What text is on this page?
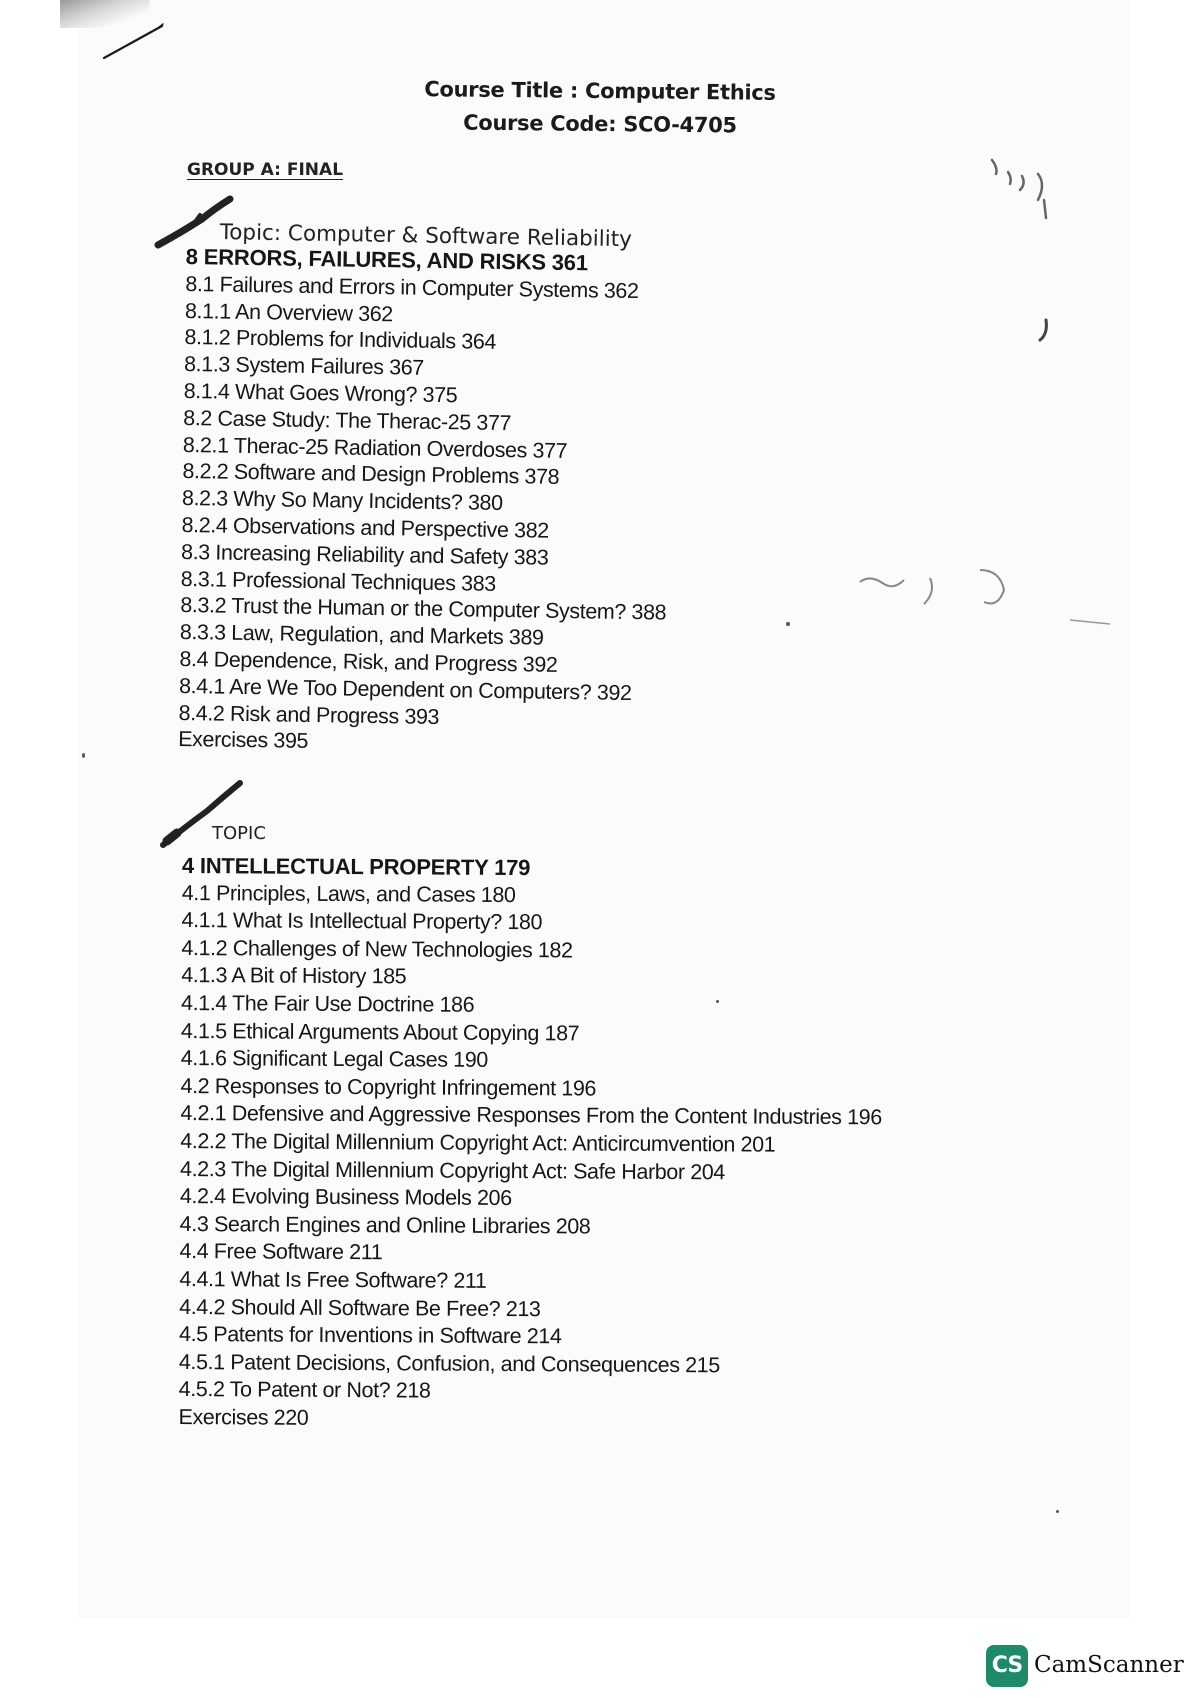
Course Title : Computer Ethics
Course Code: SCO-4705
GROUP A: FINAL
Topic: Computer & Software Reliability
8 ERRORS, FAILURES, AND RISKS 361
8.1 Failures and Errors in Computer Systems 362
8.1.1 An Overview 362
8.1.2 Problems for Individuals 364
8.1.3 System Failures 367
8.1.4 What Goes Wrong? 375
8.2 Case Study: The Therac-25 377
8.2.1 Therac-25 Radiation Overdoses 377
8.2.2 Software and Design Problems 378
8.2.3 Why So Many Incidents? 380
8.2.4 Observations and Perspective 382
8.3 Increasing Reliability and Safety 383
8.3.1 Professional Techniques 383
8.3.2 Trust the Human or the Computer System? 388
8.3.3 Law, Regulation, and Markets 389
8.4 Dependence, Risk, and Progress 392
8.4.1 Are We Too Dependent on Computers? 392
8.4.2 Risk and Progress 393
Exercises 395
TOPIC
4 INTELLECTUAL PROPERTY 179
4.1 Principles, Laws, and Cases 180
4.1.1 What Is Intellectual Property? 180
4.1.2 Challenges of New Technologies 182
4.1.3 A Bit of History 185
4.1.4 The Fair Use Doctrine 186
4.1.5 Ethical Arguments About Copying 187
4.1.6 Significant Legal Cases 190
4.2 Responses to Copyright Infringement 196
4.2.1 Defensive and Aggressive Responses From the Content Industries 196
4.2.2 The Digital Millennium Copyright Act: Anticircumvention 201
4.2.3 The Digital Millennium Copyright Act: Safe Harbor 204
4.2.4 Evolving Business Models 206
4.3 Search Engines and Online Libraries 208
4.4 Free Software 211
4.4.1 What Is Free Software? 211
4.4.2 Should All Software Be Free? 213
4.5 Patents for Inventions in Software 214
4.5.1 Patent Decisions, Confusion, and Consequences 215
4.5.2 To Patent or Not? 218
Exercises 220
CS CamScanner
